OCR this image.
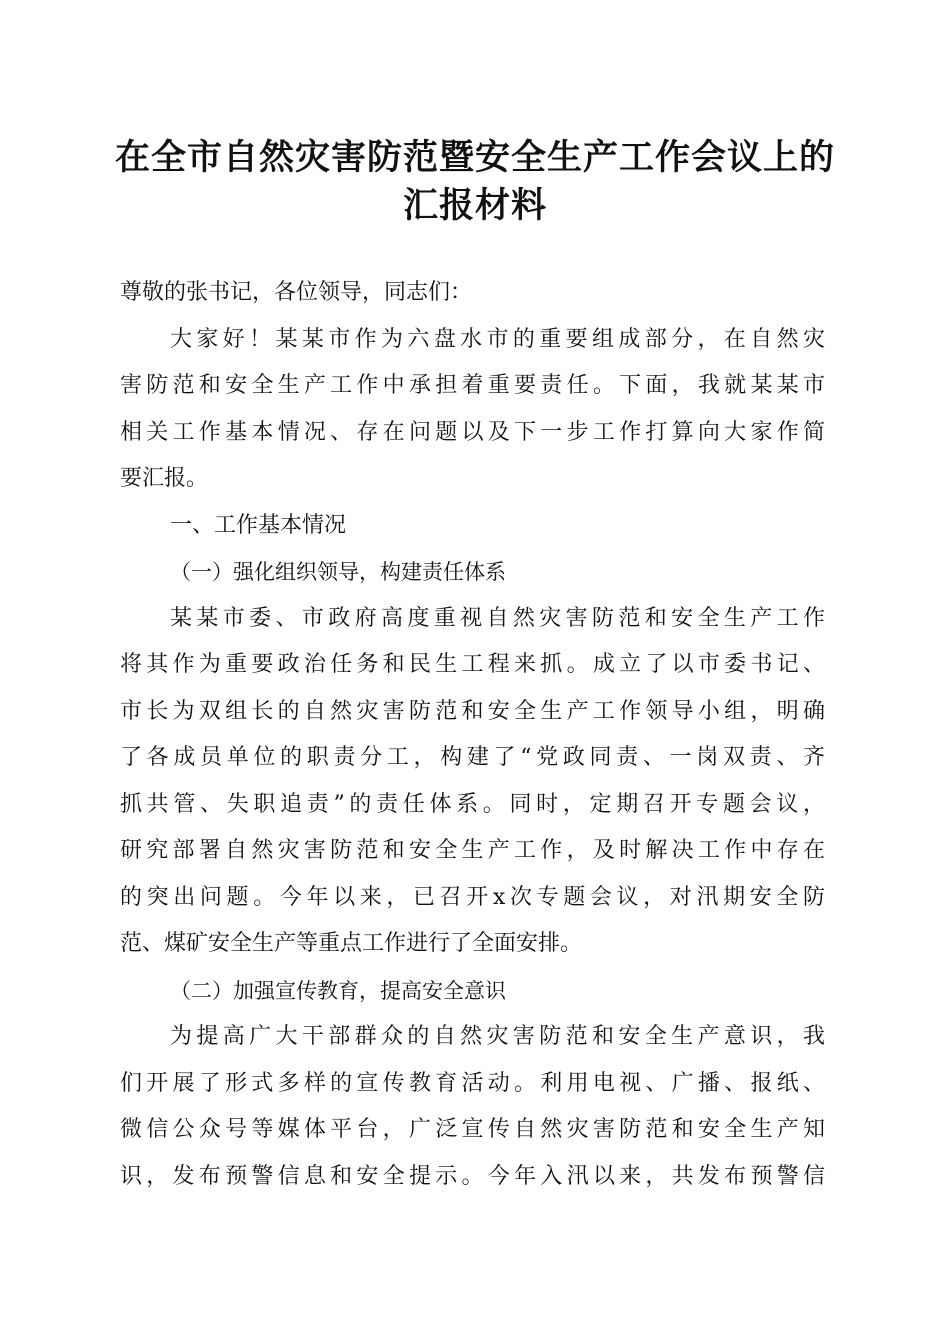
在全市自然灾害防范暨安全生产工作会议上的
汇报材料
尊敬的张书记，各位领导，同志们：
大家好！某某市作为六盘水市的重要组成部分，在自然灾
害防范和安全生产工作中承担着重要责任。下面，我就某某市
相关工作基本情况、存在问题以及下一步工作打算向大家作简
要汇报。
一、工作基本情况
（一）强化组织领导，构建责任体系
某某市委、市政府高度重视自然灾害防范和安全生产工作
将其作为重要政治任务和民生工程来抓。成立了以市委书记、
市长为双组长的自然灾害防范和安全生产工作领导小组，明确
了各成员单位的职责分工，构建了“党政同责、一岗双责、齐
抓共管、失职追责”的责任体系。同时，定期召开专题会议，
研究部署自然灾害防范和安全生产工作，及时解决工作中存在
的突出问题。今年以来，已召开x次专题会议，对汛期安全防
范、煤矿安全生产等重点工作进行了全面安排。
（二）加强宣传教育，提高安全意识
为提高广大干部群众的自然灾害防范和安全生产意识，我
们开展了形式多样的宣传教育活动。利用电视、广播、报纸、
微信公众号等媒体平台，广泛宣传自然灾害防范和安全生产知
识，发布预警信息和安全提示。今年入汛以来，共发布预警信
